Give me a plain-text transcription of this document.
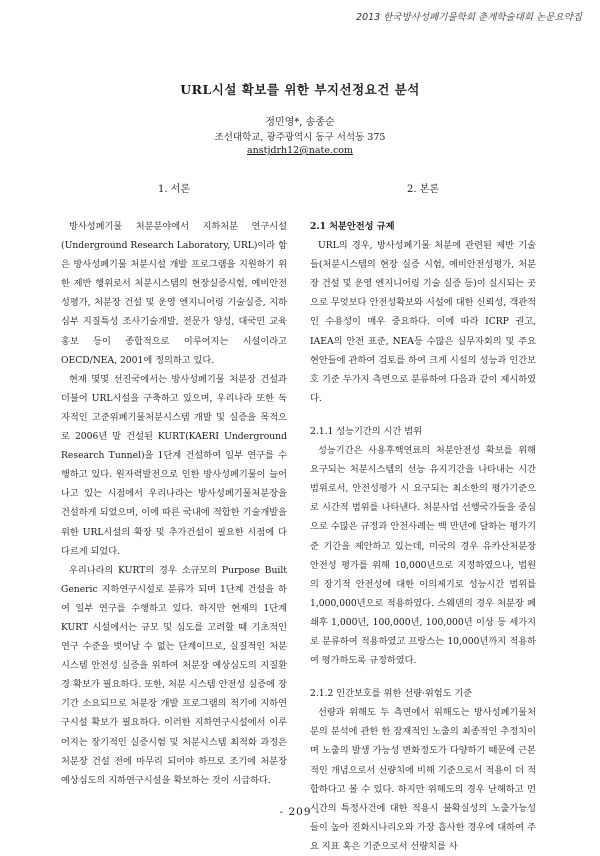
2013 한국방사성폐기물학회 춘계학술대회 논문요약집
URL시설 확보를 위한 부지선정요건 분석
정민영*, 송종순
조선대학교, 광주광역시 동구 서석동 375
anstjdrh12@nate.com
1. 서론

방사성폐기물 처분분야에서 지하처분 연구시설(Underground Research Laboratory, URL)이라 함은 방사성폐기물 처분시설 개발 프로그램을 지원하기 위한 제반 행위로서 처분시스템의 현장실증시험, 예비안전성평가, 처분장 건설 및 운영 엔지니어링 기술실증, 지하심부 지질특성 조사기술개발, 전문가 양성, 대국민 교육홍보 등이 종합적으로 이루어지는 시설이라고 OECD/NEA, 2001에 정의하고 있다.

현재 몇몇 선진국에서는 방사성폐기물 처분장 건설과 더불어 URL시설을 구축하고 있으며, 우리나라 또한 독자적인 고준위폐기물처분시스템 개발 및 실증을 목적으로 2006년 말 건설된 KURT(KAERI Underground Research Tunnel)을 1단계 건설하여 일부 연구를 수행하고 있다. 원자력발전으로 인한 방사성폐기물이 늘어나고 있는 시점에서 우리나라는 방사성폐기물처분장을 건설하게 되었으며, 이에 따른 국내에 적합한 기술개발을 위한 URL시설의 확장 및 추가건설이 필요한 시점에 다다르게 되었다.

우리나라의 KURT의 경우 소규모의 Purpose Built Generic 지하연구시설로 분류가 되며 1단계 건설을 하여 일부 연구를 수행하고 있다. 하지만 현재의 1단계 KURT 시설에서는 규모 및 심도를 고려할 때 기초적인 연구 수준을 벗어날 수 없는 단계이므로, 실질적인 처분시스템 안전성 실증을 위하여 처분장 예상심도의 지질환경 확보가 필요하다. 또한, 처분 시스템 안전성 실증에 장기간 소요되므로 처분장 개발 프로그램의 적기에 지하연구시설 확보가 필요하다. 이러한 지하연구시설에서 이루어지는 장기적인 실증시험 및 처분시스템 최적화 과정은 처분장 건설 전에 마무리 되어야 하므로 조기에 처분장 예상심도의 지하연구시설을 확보하는 것이 시급하다.

2. 본론
2.1 처분안전성 규제

URL의 경우, 방사성폐기물 처분에 관련된 제반 기술들(처분시스템의 현장 실증 시험, 예비안전성평가, 처분장 건설 및 운영 엔지니어링 기술 실증 등)이 실시되는 곳으로 무엇보다 안전성확보와 시설에 대한 신뢰성, 객관적인 수용성이 매우 중요하다. 이에 따라 ICRP 권고, IAEA의 안전 표준, NEA등 수많은 실무자회의 및 주요 현안들에 관하여 검토를 하여 크게 시설의 성능과 인간보호 기준 두가지 측면으로 분류하여 다음과 같이 제시하였다.

2.1.1 성능기간의 시간 범위

성능기간은 사용후핵연료의 처분안전성 확보를 위해 요구되는 처분시스템의 선능 유지기간을 나타내는 시간 범위로서, 안전성평가 시 요구되는 최소한의 평가기준으로 시간적 범위를 나타낸다. 처분사업 선행국가들을 중심으로 수많은 규정과 안전사례는 백 만년에 달하는 평가기준 기간을 제안하고 있는데, 미국의 경우 유카산처분장 안전성 평가를 위해 10,000년으로 지정하였으나, 법원의 장기적 안전성에 대한 이의제기로 성능시간 범위를 1,000,000년으로 적용하였다. 스웨덴의 경우 처분장 폐쇄후 1,000년, 100,000년, 100,000년 이상 등 세가지로 분류하여 적용하였고 프랑스는 10,000년까지 적용하여 평가하도록 규정하였다.

2.1.2 인간보호를 위한 선량·위험도 기준

선량과 위해도 두 측면에서 위해도는 방사성폐기물처분의 분석에 관한 한 잠재적인 노출의 최종적인 추정치이며 노출의 발생 가능성 변화정도가 다양하기 때문에 근본적인 개념으로서 선량치에 비해 기준으로서 적용이 더 적합하다고 볼 수 있다. 하지만 위해도의 경우 난해하고 먼 시간의 특정사건에 대한 적용시 불확실성의 노출가능성들이 높아 진화시나리오와 가장 흡사한 경우에 대하여 주요 지표 혹은 기준으로서 선량치를 사

- 209 -
